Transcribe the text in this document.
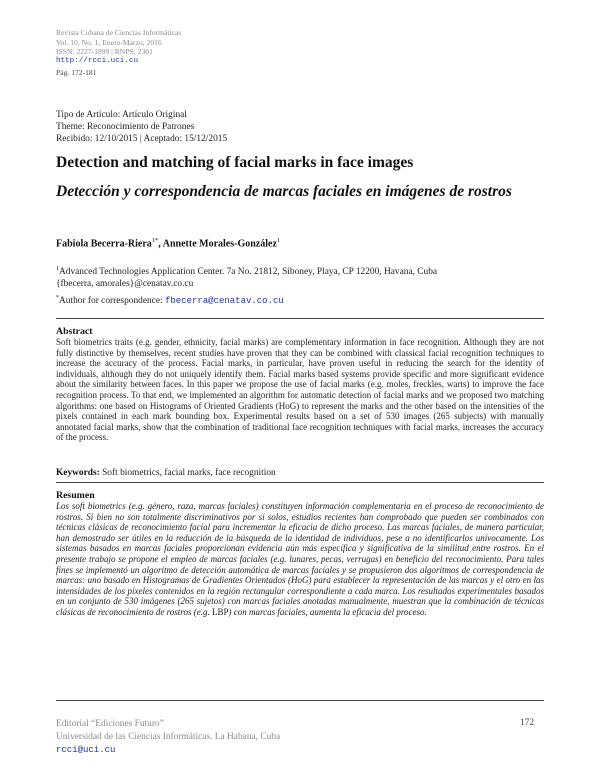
Revista Cubana de Ciencias Informáticas
Vol. 10, No. 1, Enero-Marzo, 2016
ISSN: 2227-1899 | RNPS: 2301
http://rcci.uci.cu
Pág. 172-181
Tipo de Artículo: Artículo Original
Theme: Reconocimiento de Patrones
Recibido: 12/10/2015 | Aceptado: 15/12/2015
Detection and matching of facial marks in face images
Detección y correspondencia de marcas faciales en imágenes de rostros
Fabiola Becerra-Riera$^{1*}$, Annette Morales-González$^1$
$^1$Advanced Technologies Application Center. 7a No. 21812, Siboney, Playa, CP 12200, Havana, Cuba
{fbecerra, amorales}@cenatav.co.cu
*Author for correspondence: fbecerra@cenatav.co.cu
Abstract
Soft biometrics traits (e.g. gender, ethnicity, facial marks) are complementary information in face recognition. Although they are not fully distinctive by themselves, recent studies have proven that they can be combined with classical facial recognition techniques to increase the accuracy of the process. Facial marks, in particular, have proven useful in reducing the search for the identity of individuals, although they do not uniquely identify them. Facial marks based systems provide specific and more significant evidence about the similarity between faces. In this paper we propose the use of facial marks (e.g. moles, freckles, warts) to improve the face recognition process. To that end, we implemented an algorithm for automatic detection of facial marks and we proposed two matching algorithms: one based on Histograms of Oriented Gradients (HoG) to represent the marks and the other based on the intensities of the pixels contained in each mark bounding box. Experimental results based on a set of 530 images (265 subjects) with manually annotated facial marks, show that the combination of traditional face recognition techniques with facial marks, increases the accuracy of the process.
Keywords: Soft biometrics, facial marks, face recognition
Resumen
Los soft biometrics (e.g. género, raza, marcas faciales) constituyen información complementaria en el proceso de reconocimiento de rostros. Si bien no son totalmente discriminativos por sí solos, estudios recientes han comprobado que pueden ser combinados con técnicas clásicas de reconocimiento facial para incrementar la eficacia de dicho proceso. Las marcas faciales, de manera particular, han demostrado ser útiles en la reducción de la búsqueda de la identidad de individuos, pese a no identificarlos unívocamente. Los sistemas basados en marcas faciales proporcionan evidencia aún más específica y significativa de la similitud entre rostros. En el presente trabajo se propone el empleo de marcas faciales (e.g. lunares, pecas, verrugas) en beneficio del reconocimiento. Para tales fines se implementó un algoritmo de detección automática de marcas faciales y se propusieron dos algoritmos de correspondencia de marcas: uno basado en Histogramas de Gradientes Orientados (HoG) para establecer la representación de las marcas y el otro en las intensidades de los píxeles contenidos en la región rectangular correspondiente a cada marca. Los resultados experimentales basados en un conjunto de 530 imágenes (265 sujetos) con marcas faciales anotadas manualmente, muestran que la combinación de técnicas clásicas de reconocimiento de rostros (e.g. LBP) con marcas faciales, aumenta la eficacia del proceso.
Editorial “Ediciones Futuro”
Universidad de las Ciencias Informáticas. La Habana, Cuba
rcci@uci.cu
172
